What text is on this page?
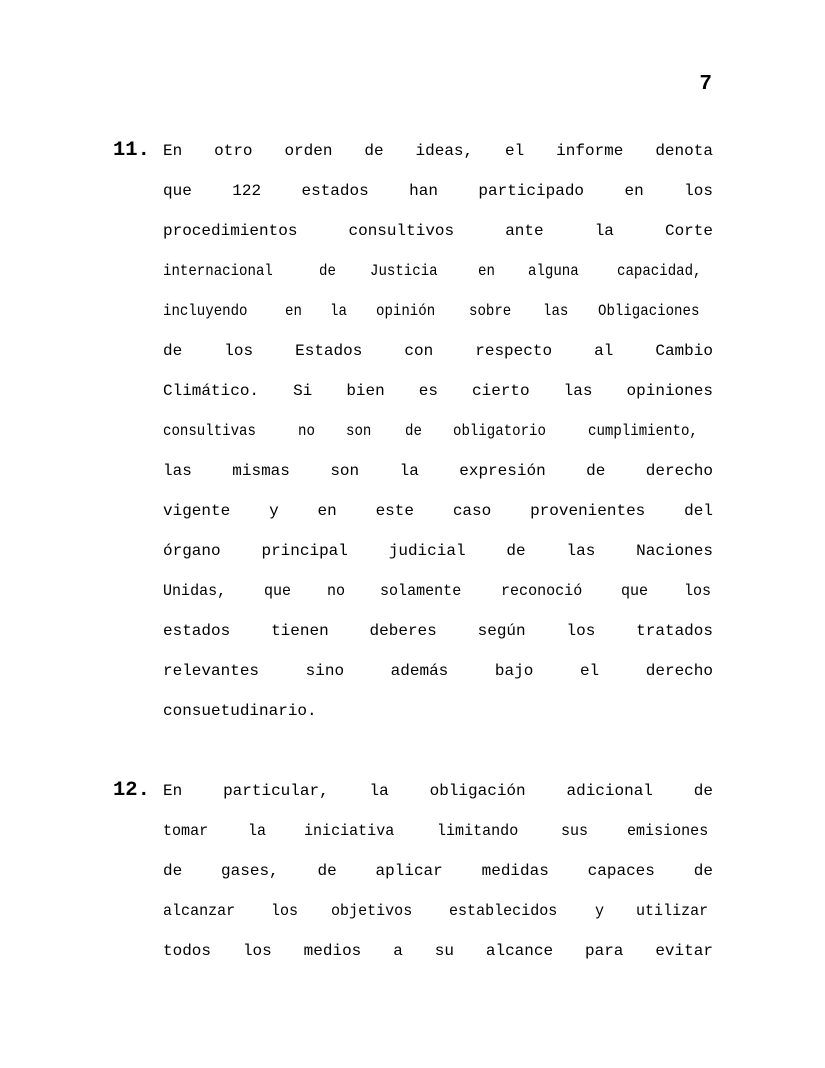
7
11. En otro orden de ideas, el informe denota
que	122	estados	han	participado	en	los
procedimientos	consultivos	ante	la	Corte
internacional	de Justicia	en alguna capacidad,
incluyendo en la opinión sobre las Obligaciones
de	los	Estados	con	respecto	al	Cambio
Climático. Si bien es cierto las opiniones
consultivas	no son de obligatorio	cumplimiento,
las	mismas	son	la	expresión	de	derecho
vigente y en este caso provenientes del
órgano	principal	judicial	de	las	Naciones
Unidas, que no solamente reconoció que los
estados	tienen	deberes	según	los	tratados
relevantes	sino	además	bajo	el	derecho
consuetudinario.
12. En	particular,	la	obligación	adicional	de
tomar la iniciativa	limitando	sus emisiones
de gases, de aplicar medidas capaces de
alcanzar los objetivos establecidos y utilizar
todos los medios a su alcance para evitar
